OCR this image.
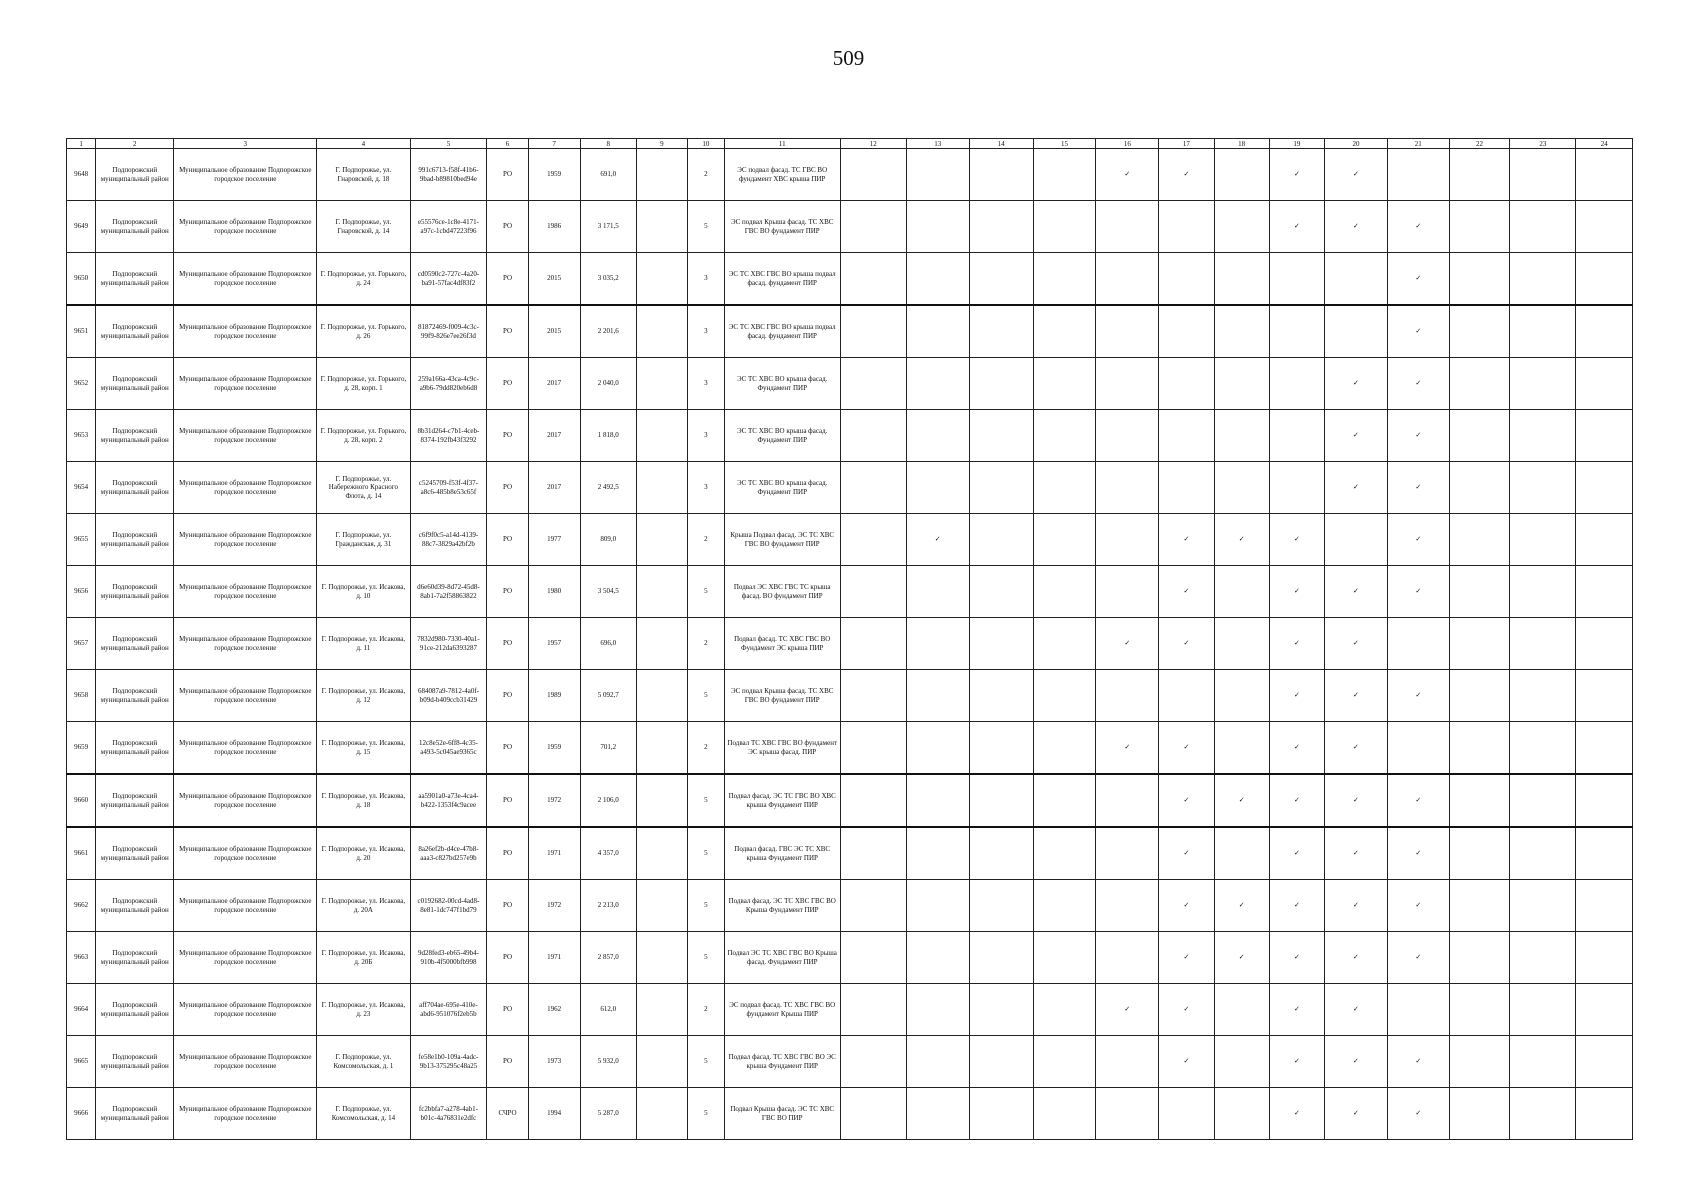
509
1	2	3	4	5	6	7	8	9	10	11	12	13	14	15	16	17	18	19	20	21	22	23	24
9648	Подпорожский муниципальный район	Муниципальное образование Подпорожское городское поселение	Г. Подпорожье, ул. Гнаровской, д. 18	991c6713-f58f-41b6-9bad-b89810bed94e	РО	1959	691,0		2	ЭС подвал фасад. ТС ГВС ВО фундамент ХВС крыша ПИР					✓	✓		✓	✓				
9649	Подпорожский муниципальный район	Муниципальное образование Подпорожское городское поселение	Г. Подпорожье, ул. Гнаровской, д. 14	e55576ce-1c8e-4171-a97c-1cbd47223f96	РО	1986	3 171,5		5	ЭС подвал Крыша фасад. ТС ХВС ГВС ВО фундамент ПИР								✓	✓	✓			
9650	Подпорожский муниципальный район	Муниципальное образование Подпорожское городское поселение	Г. Подпорожье, ул. Горького, д. 24	cd0590c2-727c-4a20-ba91-57fac4df83f2	РО	2015	3 035,2		3	ЭС ТС ХВС ГВС ВО крыша подвал фасад. фундамент ПИР										✓			
9651	Подпорожский муниципальный район	Муниципальное образование Подпорожское городское поселение	Г. Подпорожье, ул. Горького, д. 26	81872469-f009-4c3c-99f9-826e7ee26f3d	РО	2015	2 201,6		3	ЭС ТС ХВС ГВС ВО крыша подвал фасад. фундамент ПИР										✓			
9652	Подпорожский муниципальный район	Муниципальное образование Подпорожское городское поселение	Г. Подпорожье, ул. Горького, д. 28, корп. 1	259a166a-43ca-4c9c-a9b6-79dd820eb6d8	РО	2017	2 040,0		3	ЭС ТС ХВС ВО крыша фасад. Фундамент ПИР									✓	✓			
9653	Подпорожский муниципальный район	Муниципальное образование Подпорожское городское поселение	Г. Подпорожье, ул. Горького, д. 28, корп. 2	8b31d264-c7b1-4ceb-8374-192fb43f3292	РО	2017	1 818,0		3	ЭС ТС ХВС ВО крыша фасад. Фундамент ПИР									✓	✓			
9654	Подпорожский муниципальный район	Муниципальное образование Подпорожское городское поселение	Г. Подпорожье, ул. Набережного Красного Флота, д. 14	c5245709-f53f-4f37-a8c6-485b8e53c65f	РО	2017	2 492,5		3	ЭС ТС ХВС ВО крыша фасад. Фундамент ПИР									✓	✓			
9655	Подпорожский муниципальный район	Муниципальное образование Подпорожское городское поселение	Г. Подпорожье, ул. Гражданская, д. 31	c6f9f0c5-a14d-4139-88c7-3829a42bf2b	РО	1977	809,0		2	Крыша Подвал фасад. ЭС ТС ХВС ГВС ВО фундамент ПИР		✓				✓	✓	✓		✓			
9656	Подпорожский муниципальный район	Муниципальное образование Подпорожское городское поселение	Г. Подпорожье, ул. Исакова, д. 10	d6e60d39-8d72-45d8-8ab1-7a2f58863822	РО	1980	3 504,5		5	Подвал ЭС ХВС ГВС ТС крыша фасад. ВО фундамент ПИР						✓		✓	✓	✓			
9657	Подпорожский муниципальный район	Муниципальное образование Подпорожское городское поселение	Г. Подпорожье, ул. Исакова, д. 11	7832d980-7330-40a1-91ce-212da6393287	РО	1957	696,0		2	Подвал фасад. ТС ХВС ГВС ВО Фундамент ЭС крыша ПИР					✓	✓		✓	✓				
9658	Подпорожский муниципальный район	Муниципальное образование Подпорожское городское поселение	Г. Подпорожье, ул. Исакова, д. 12	684087a9-7812-4a0f-b09d-b409ccb31429	РО	1989	5 092,7		5	ЭС подвал Крыша фасад. ТС ХВС ГВС ВО фундамент ПИР								✓	✓	✓			
9659	Подпорожский муниципальный район	Муниципальное образование Подпорожское городское поселение	Г. Подпорожье, ул. Исакова, д. 15	12c8e52e-6ff8-4c35-a493-5c045ae9365c	РО	1959	701,2		2	Подвал ТС ХВС ГВС ВО фундамент ЭС крыша фасад. ПИР					✓	✓		✓	✓				
9660	Подпорожский муниципальный район	Муниципальное образование Подпорожское городское поселение	Г. Подпорожье, ул. Исакова, д. 18	aa5901a0-a73e-4ca4-b422-1353f4c9acee	РО	1972	2 106,0		5	Подвал фасад. ЭС ТС ГВС ВО ХВС крыша Фундамент ПИР						✓	✓	✓	✓	✓			
9661	Подпорожский муниципальный район	Муниципальное образование Подпорожское городское поселение	Г. Подпорожье, ул. Исакова, д. 20	8a26ef2b-d4ce-47b8-aaa3-c827bd257e9b	РО	1971	4 357,0		5	Подвал фасад. ГВС ЭС ТС ХВС крыша Фундамент ПИР						✓		✓	✓	✓			
9662	Подпорожский муниципальный район	Муниципальное образование Подпорожское городское поселение	Г. Подпорожье, ул. Исакова, д. 20А	c0192682-00cd-4ad8-8e81-1dc747f1bd79	РО	1972	2 213,0		5	Подвал фасад. ЭС ТС ХВС ГВС ВО Крыша Фундамент ПИР						✓	✓	✓	✓	✓			
9663	Подпорожский муниципальный район	Муниципальное образование Подпорожское городское поселение	Г. Подпорожье, ул. Исакова, д. 20Б	9d28fed3-eb65-49b4-910b-4f5000bfb998	РО	1971	2 857,0		5	Подвал ЭС ТС ХВС ГВС ВО Крыша фасад. Фундамент ПИР						✓	✓	✓	✓	✓			
9664	Подпорожский муниципальный район	Муниципальное образование Подпорожское городское поселение	Г. Подпорожье, ул. Исакова, д. 23	aff704ae-695e-410e-abd6-951076f2eb5b	РО	1962	612,0		2	ЭС подвал фасад. ТС ХВС ГВС ВО фундамент Крыша ПИР					✓	✓		✓	✓				
9665	Подпорожский муниципальный район	Муниципальное образование Подпорожское городское поселение	Г. Подпорожье, ул. Комсомольская, д. 1	fe58e1b0-109a-4adc-9b13-375295c48a25	РО	1973	5 932,0		5	Подвал фасад. ТС ХВС ГВС ВО ЭС крыша Фундамент ПИР						✓		✓	✓	✓			
9666	Подпорожский муниципальный район	Муниципальное образование Подпорожское городское поселение	Г. Подпорожье, ул. Комсомольская, д. 14	fc2bbfa7-a278-4ab1-b01c-4a76831e2dfc	СЧРО	1994	5 287,0		5	Подвал Крыша фасад. ЭС ТС ХВС ГВС ВО ПИР								✓	✓	✓			
